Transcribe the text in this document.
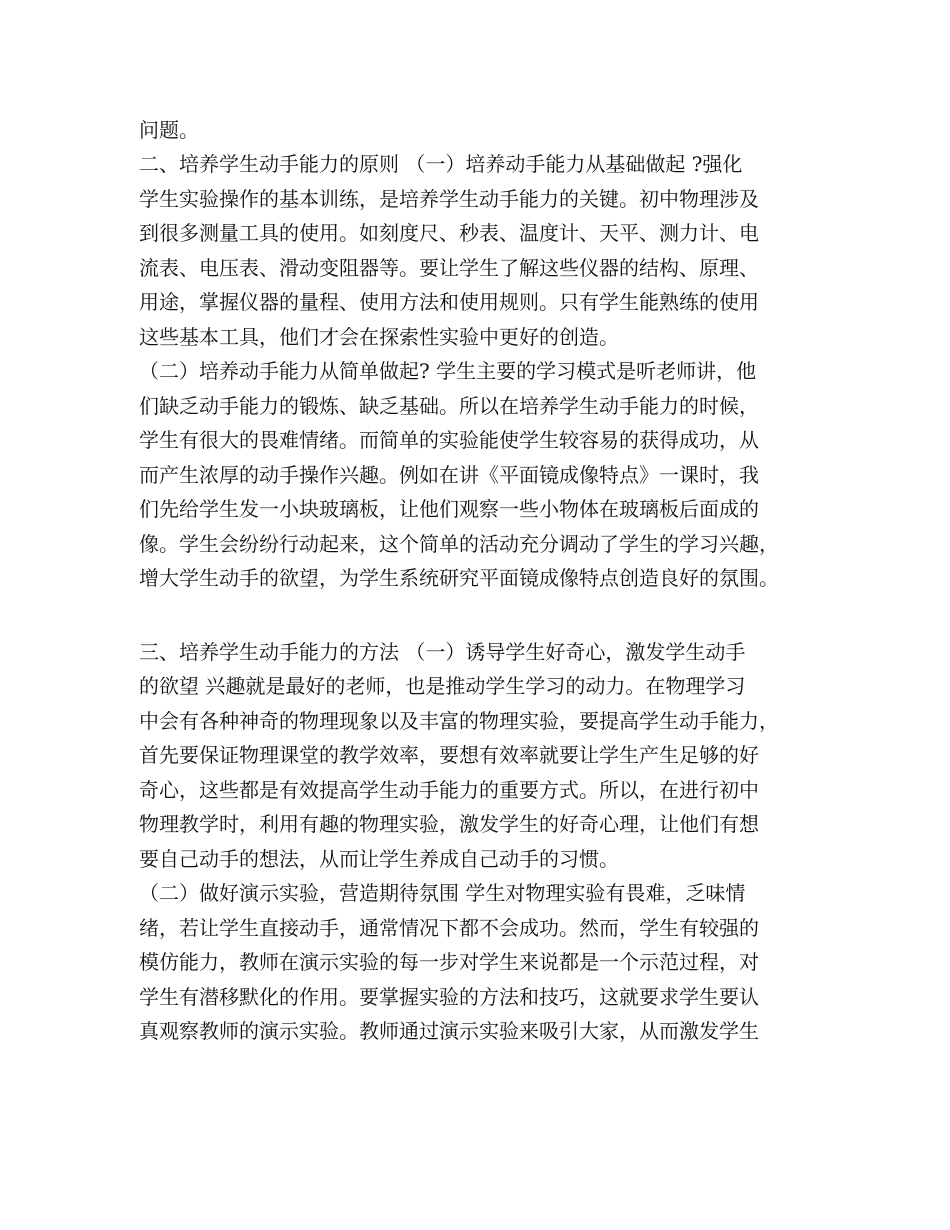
问题。
二、培养学生动手能力的原则 （一）培养动手能力从基础做起 ?强化
学生实验操作的基本训练，是培养学生动手能力的关键。初中物理涉及
到很多测量工具的使用。如刻度尺、秒表、温度计、天平、测力计、电
流表、电压表、滑动变阻器等。要让学生了解这些仪器的结构、原理、
用途，掌握仪器的量程、使用方法和使用规则。只有学生能熟练的使用
这些基本工具，他们才会在探索性实验中更好的创造。
（二）培养动手能力从简单做起? 学生主要的学习模式是听老师讲，他
们缺乏动手能力的锻炼、缺乏基础。所以在培养学生动手能力的时候，
学生有很大的畏难情绪。而简单的实验能使学生较容易的获得成功，从
而产生浓厚的动手操作兴趣。例如在讲《平面镜成像特点》一课时，我
们先给学生发一小块玻璃板，让他们观察一些小物体在玻璃板后面成的
像。学生会纷纷行动起来，这个简单的活动充分调动了学生的学习兴趣，
增大学生动手的欲望，为学生系统研究平面镜成像特点创造良好的氛围。
三、培养学生动手能力的方法 （一）诱导学生好奇心，激发学生动手
的欲望 兴趣就是最好的老师，也是推动学生学习的动力。在物理学习
中会有各种神奇的物理现象以及丰富的物理实验，要提高学生动手能力，
首先要保证物理课堂的教学效率，要想有效率就要让学生产生足够的好
奇心，这些都是有效提高学生动手能力的重要方式。所以，在进行初中
物理教学时，利用有趣的物理实验，激发学生的好奇心理，让他们有想
要自己动手的想法，从而让学生养成自己动手的习惯。
（二）做好演示实验，营造期待氛围 学生对物理实验有畏难，乏味情
绪，若让学生直接动手，通常情况下都不会成功。然而，学生有较强的
模仿能力，教师在演示实验的每一步对学生来说都是一个示范过程，对
学生有潜移默化的作用。要掌握实验的方法和技巧，这就要求学生要认
真观察教师的演示实验。教师通过演示实验来吸引大家，从而激发学生
